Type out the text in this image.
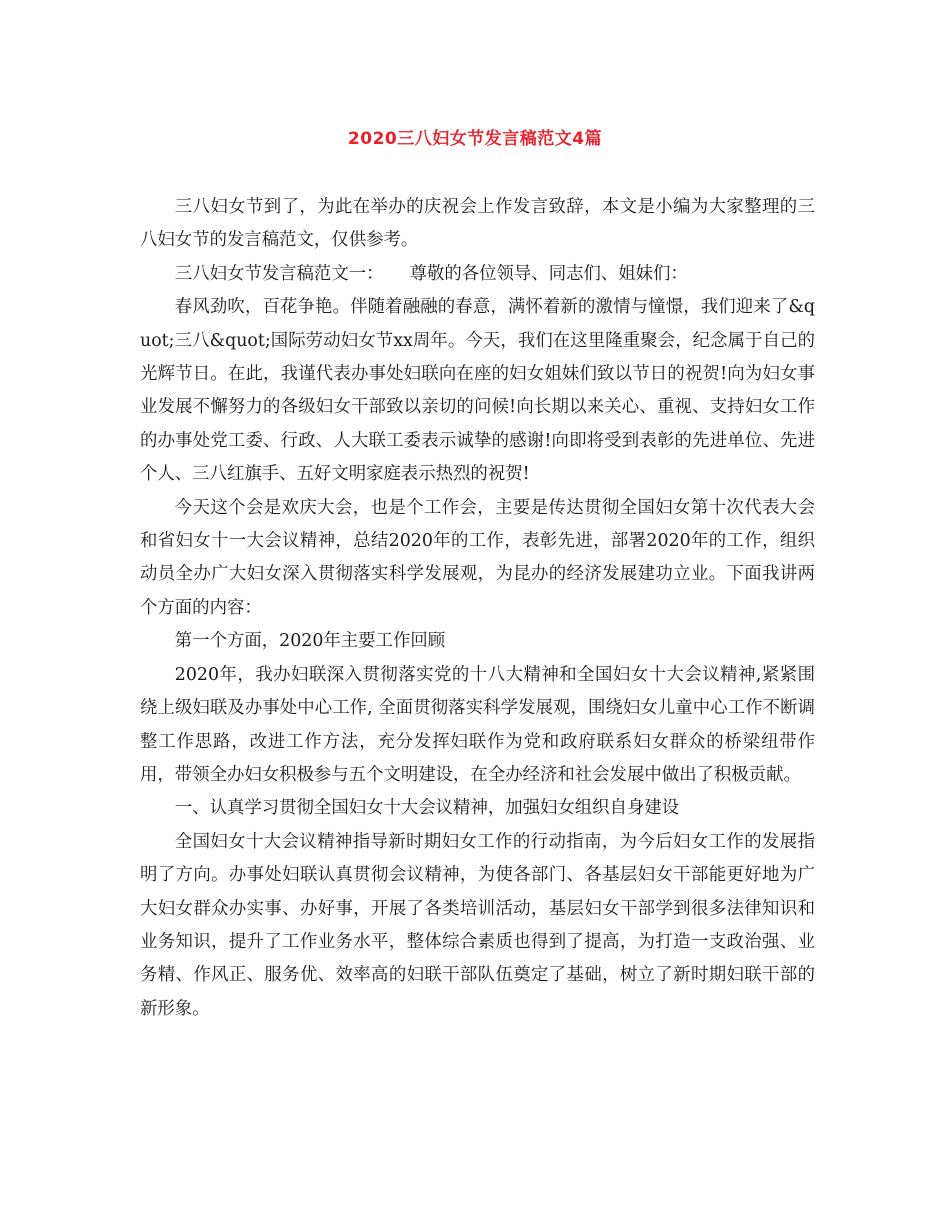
2020三八妇女节发言稿范文4篇

三八妇女节到了，为此在举办的庆祝会上作发言致辞，本文是小编为大家整理的三八妇女节的发言稿范文，仅供参考。

三八妇女节发言稿范文一：　　尊敬的各位领导、同志们、姐妹们：

春风劲吹，百花争艳。伴随着融融的春意，满怀着新的激情与憧憬，我们迎来了&quot;三八&quot;国际劳动妇女节xx周年。今天，我们在这里隆重聚会，纪念属于自己的光辉节日。在此，我谨代表办事处妇联向在座的妇女姐妹们致以节日的祝贺!向为妇女事业发展不懈努力的各级妇女干部致以亲切的问候!向长期以来关心、重视、支持妇女工作的办事处党工委、行政、人大联工委表示诚挚的感谢!向即将受到表彰的先进单位、先进个人、三八红旗手、五好文明家庭表示热烈的祝贺!

今天这个会是欢庆大会，也是个工作会，主要是传达贯彻全国妇女第十次代表大会和省妇女十一大会议精神，总结2020年的工作，表彰先进，部署2020年的工作，组织动员全办广大妇女深入贯彻落实科学发展观，为昆办的经济发展建功立业。下面我讲两个方面的内容：

第一个方面，2020年主要工作回顾

2020年，我办妇联深入贯彻落实党的十八大精神和全国妇女十大会议精神,紧紧围绕上级妇联及办事处中心工作, 全面贯彻落实科学发展观，围绕妇女儿童中心工作不断调整工作思路，改进工作方法，充分发挥妇联作为党和政府联系妇女群众的桥梁纽带作用，带领全办妇女积极参与五个文明建设，在全办经济和社会发展中做出了积极贡献。

一、认真学习贯彻全国妇女十大会议精神，加强妇女组织自身建设

全国妇女十大会议精神指导新时期妇女工作的行动指南，为今后妇女工作的发展指明了方向。办事处妇联认真贯彻会议精神，为使各部门、各基层妇女干部能更好地为广大妇女群众办实事、办好事，开展了各类培训活动，基层妇女干部学到很多法律知识和业务知识，提升了工作业务水平，整体综合素质也得到了提高，为打造一支政治强、业务精、作风正、服务优、效率高的妇联干部队伍奠定了基础，树立了新时期妇联干部的新形象。
